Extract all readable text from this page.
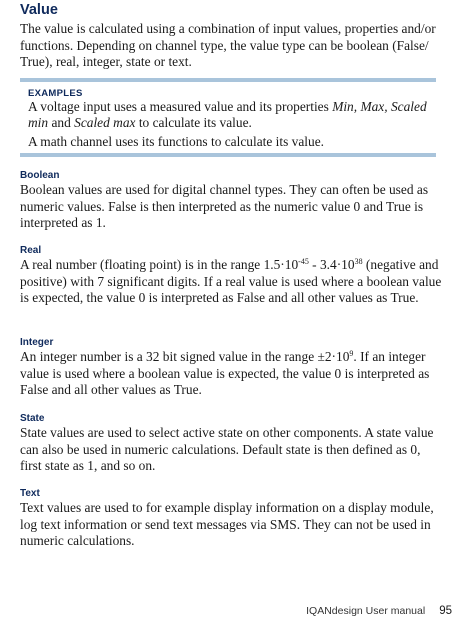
Value

The value is calculated using a combination of input values, properties and/or functions. Depending on channel type, the value type can be boolean (False/ True), real, integer, state or text.

EXAMPLES

A voltage input uses a measured value and its properties Min, Max, Scaled min and Scaled max to calculate its value.

A math channel uses its functions to calculate its value.

Boolean

Boolean values are used for digital channel types. They can often be used as numeric values. False is then interpreted as the numeric value 0 and True is interpreted as 1.

Real

A real number (floating point) is in the range $1.5\cdot 10^{-45} - 3.4\cdot 10^{38}$ (negative and positive) with 7 significant digits. If a real value is used where a boolean value is expected, the value 0 is interpreted as False and all other values as True.

Integer

An integer number is a 32 bit signed value in the range $\pm 2\cdot 10^9$. If an integer value is used where a boolean value is expected, the value 0 is interpreted as False and all other values as True.

State

State values are used to select active state on other components. A state value can also be used in numeric calculations. Default state is then defined as 0, first state as 1, and so on.

Text

Text values are used to for example display information on a display module, log text information or send text messages via SMS. They can not be used in numeric calculations.

IQANdesign User manual 95
